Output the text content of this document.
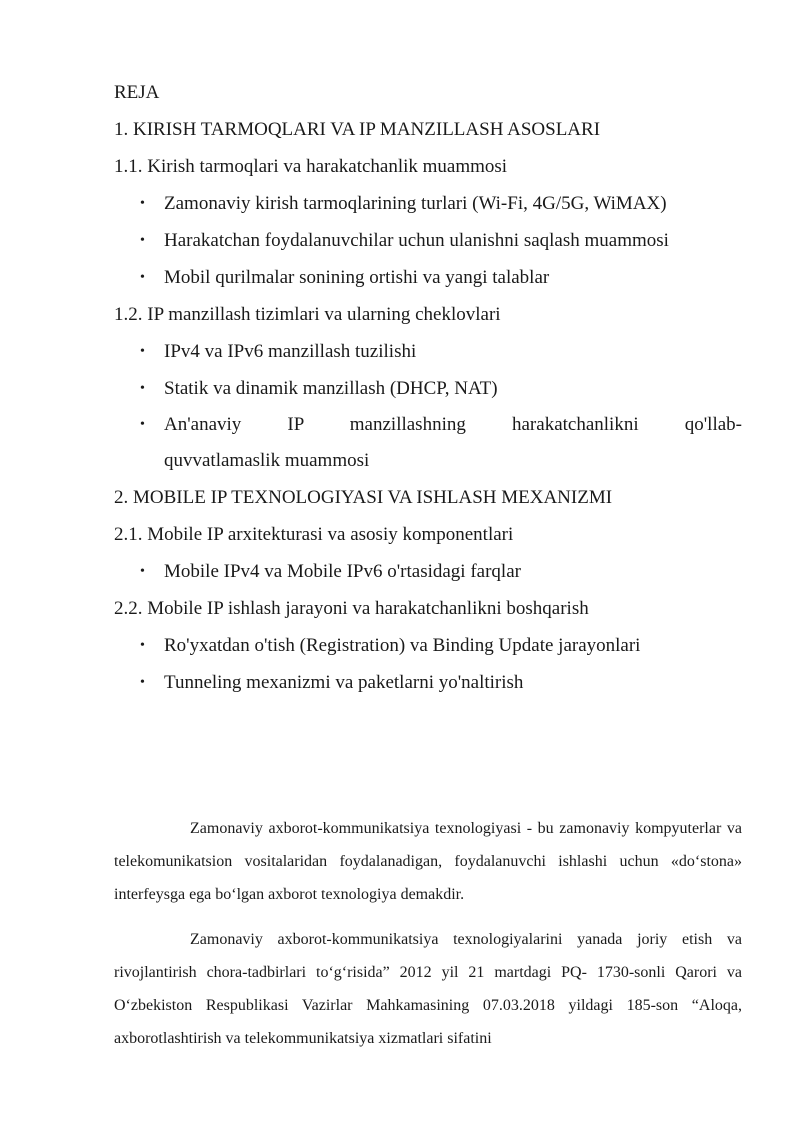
REJA

1. KIRISH TARMOQLARI VA IP MANZILLASH ASOSLARI

1.1. Kirish tarmoqlari va harakatchanlik muammosi

• Zamonaviy kirish tarmoqlarining turlari (Wi-Fi, 4G/5G, WiMAX)
• Harakatchan foydalanuvchilar uchun ulanishni saqlash muammosi
• Mobil qurilmalar sonining ortishi va yangi talablar

1.2. IP manzillash tizimlari va ularning cheklovlari

• IPv4 va IPv6 manzillash tuzilishi
• Statik va dinamik manzillash (DHCP, NAT)
• An'anaviy IP manzillashning harakatchanlikni qo'llab-
quvvatlamaslik muammosi

2. MOBILE IP TEXNOLOGIYASI VA ISHLASH MEXANIZMI

2.1. Mobile IP arxitekturasi va asosiy komponentlari

• Mobile IPv4 va Mobile IPv6 o'rtasidagi farqlar

2.2. Mobile IP ishlash jarayoni va harakatchanlikni boshqarish

• Ro'yxatdan o'tish (Registration) va Binding Update jarayonlari
• Tunneling mexanizmi va paketlarni yo'naltirish

Zamonaviy axborot-kommunikatsiya texnologiyasi - bu zamonaviy kompyuterlar va telekomunikatsion vositalaridan foydalanadigan, foydalanuvchi ishlashi uchun «do‘stona» interfeysga ega bo‘lgan axborot texnologiya demakdir.

Zamonaviy axborot-kommunikatsiya texnologiyalarini yanada joriy etish va rivojlantirish chora-tadbirlari to‘g‘risida” 2012 yil 21 martdagi PQ- 1730-sonli Qarori va O‘zbekiston Respublikasi Vazirlar Mahkamasining 07.03.2018 yildagi 185-son “Aloqa, axborotlashtirish va telekommunikatsiya xizmatlari sifatini
